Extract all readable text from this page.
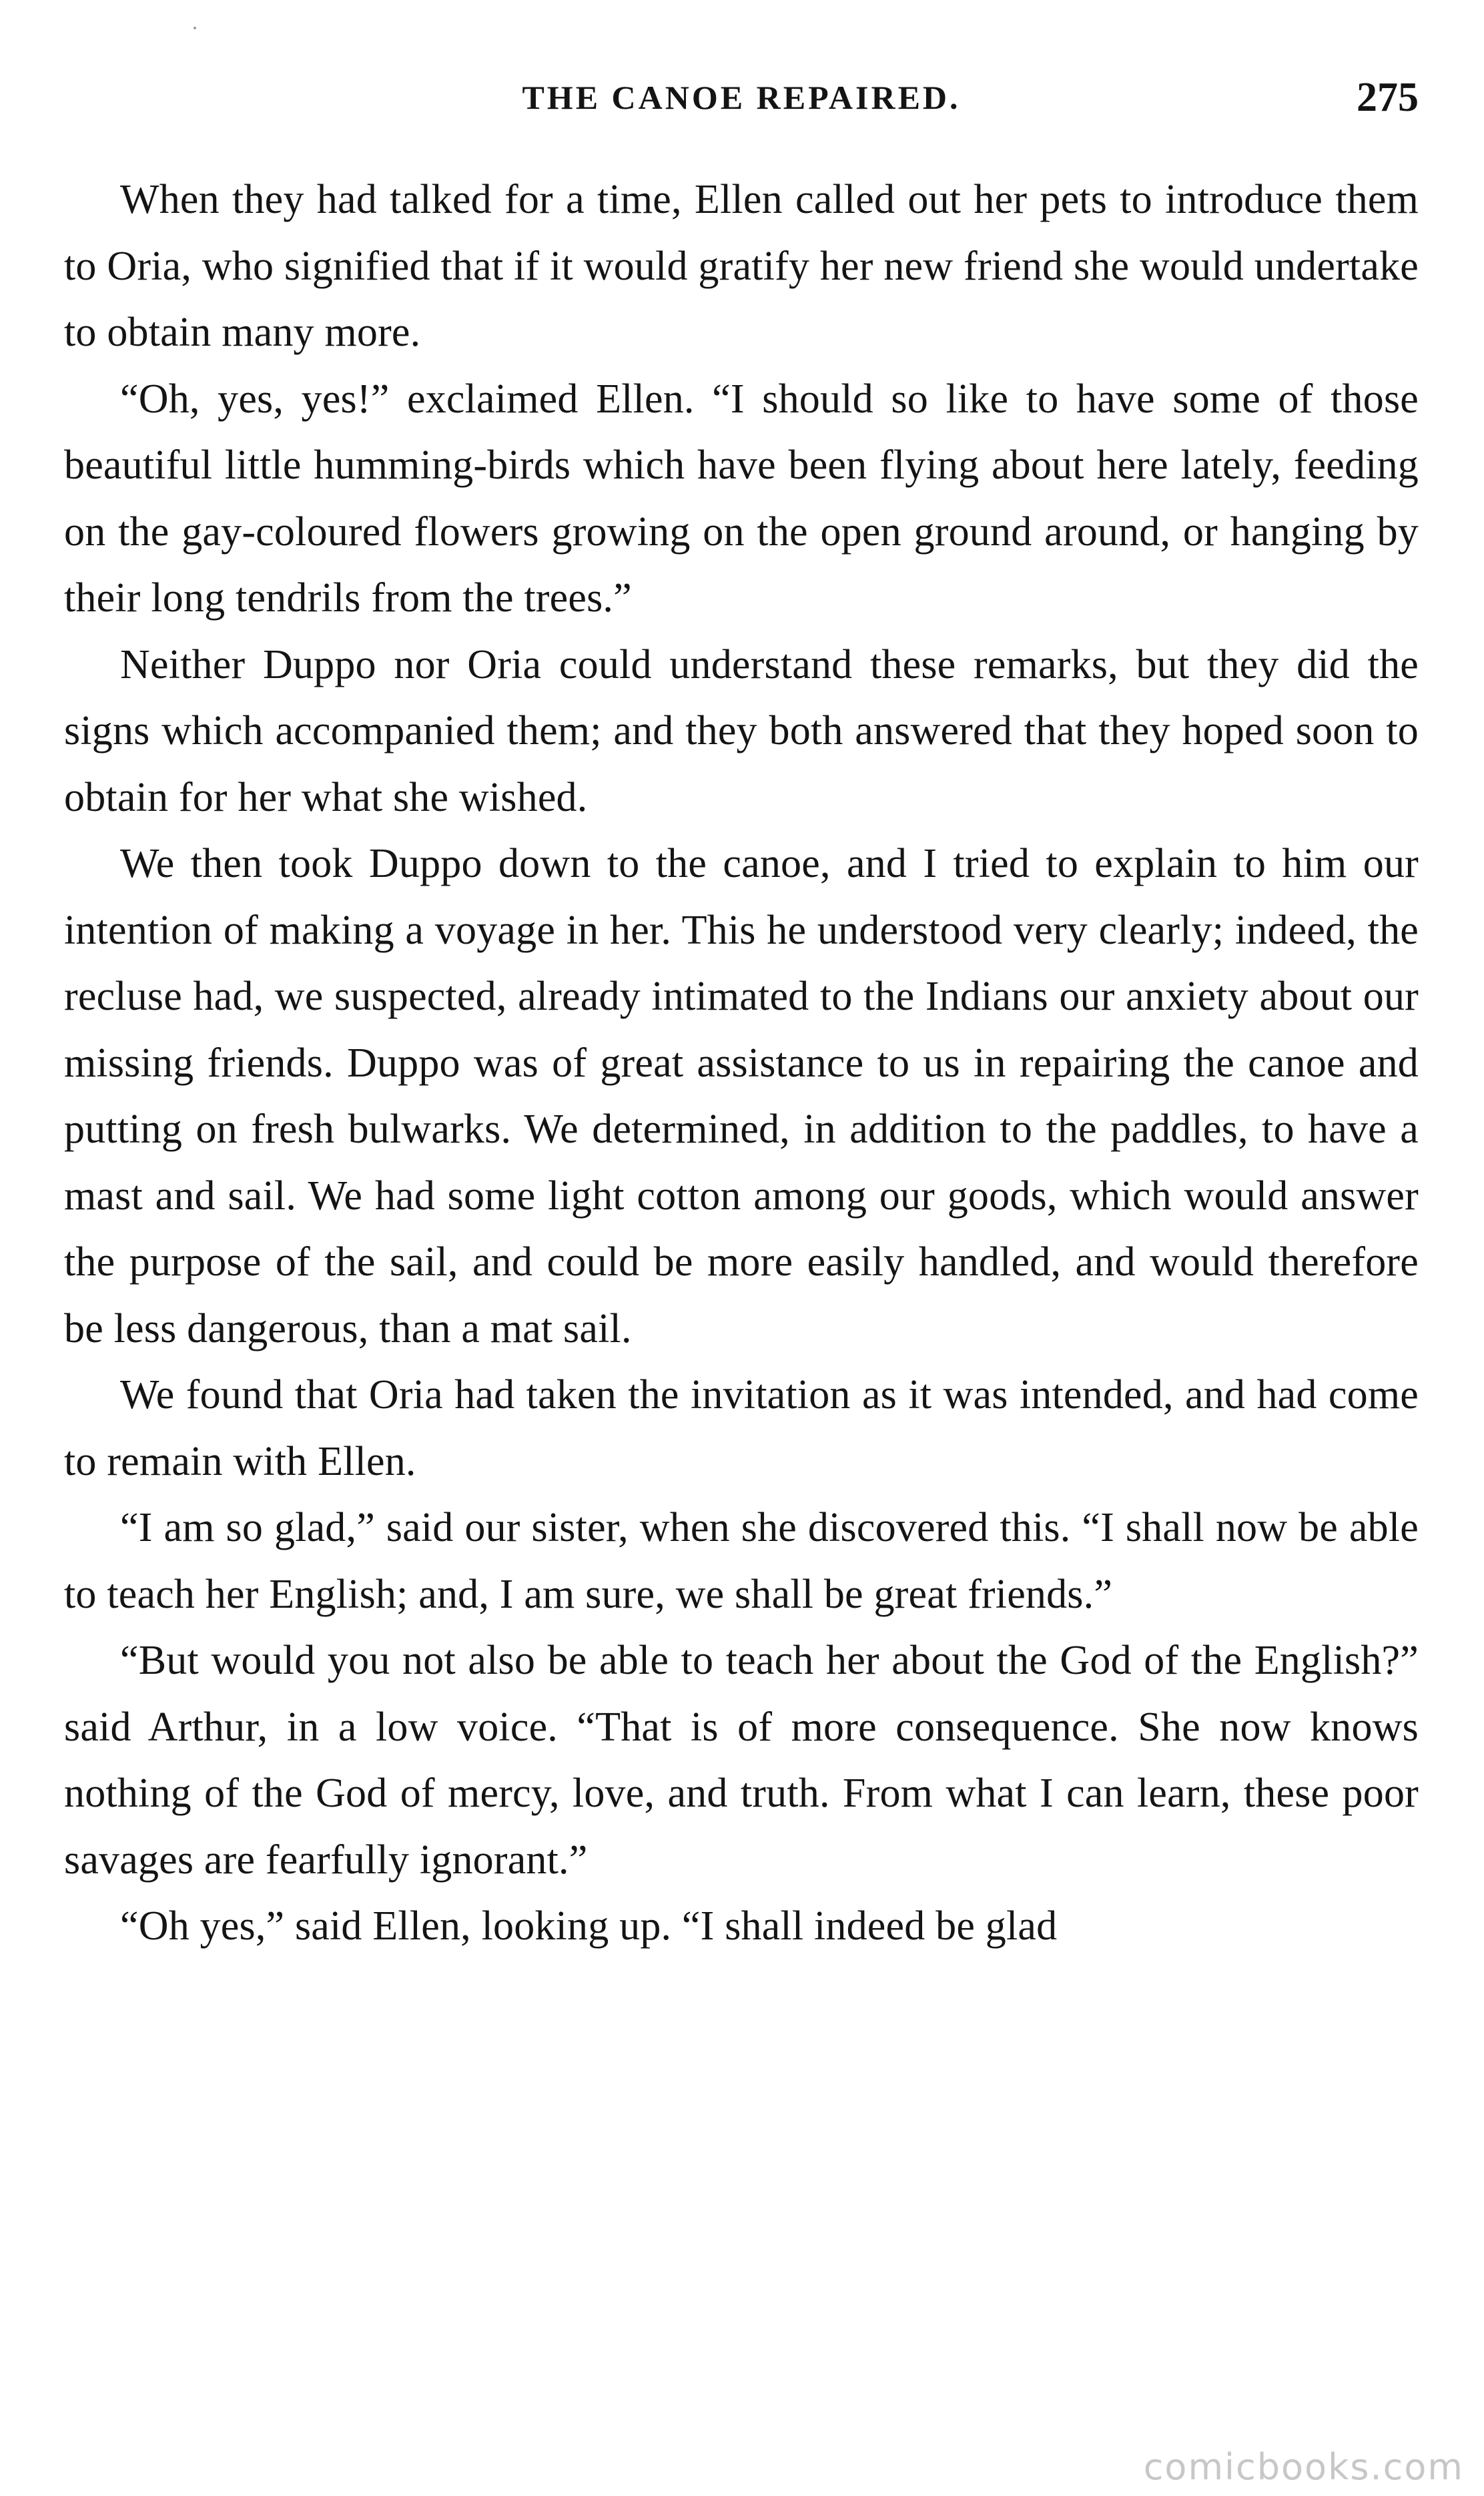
THE CANOE REPAIRED.	275

When they had talked for a time, Ellen called out her pets to introduce them to Oria, who signified that if it would gratify her new friend she would undertake to obtain many more.

“Oh, yes, yes!” exclaimed Ellen. “I should so like to have some of those beautiful little humming-birds which have been flying about here lately, feeding on the gay-coloured flowers growing on the open ground around, or hanging by their long tendrils from the trees.”

Neither Duppo nor Oria could understand these remarks, but they did the signs which accompanied them; and they both answered that they hoped soon to obtain for her what she wished.

We then took Duppo down to the canoe, and I tried to explain to him our intention of making a voyage in her. This he understood very clearly; indeed, the recluse had, we suspected, already intimated to the Indians our anxiety about our missing friends. Duppo was of great assistance to us in repairing the canoe and putting on fresh bulwarks. We determined, in addition to the paddles, to have a mast and sail. We had some light cotton among our goods, which would answer the purpose of the sail, and could be more easily handled, and would therefore be less dangerous, than a mat sail.

We found that Oria had taken the invitation as it was intended, and had come to remain with Ellen.

“I am so glad,” said our sister, when she discovered this. “I shall now be able to teach her English; and, I am sure, we shall be great friends.”

“But would you not also be able to teach her about the God of the English?” said Arthur, in a low voice. “That is of more consequence. She now knows nothing of the God of mercy, love, and truth. From what I can learn, these poor savages are fearfully ignorant.”

“Oh yes,” said Ellen, looking up. “I shall indeed be glad

comicbooks.com
